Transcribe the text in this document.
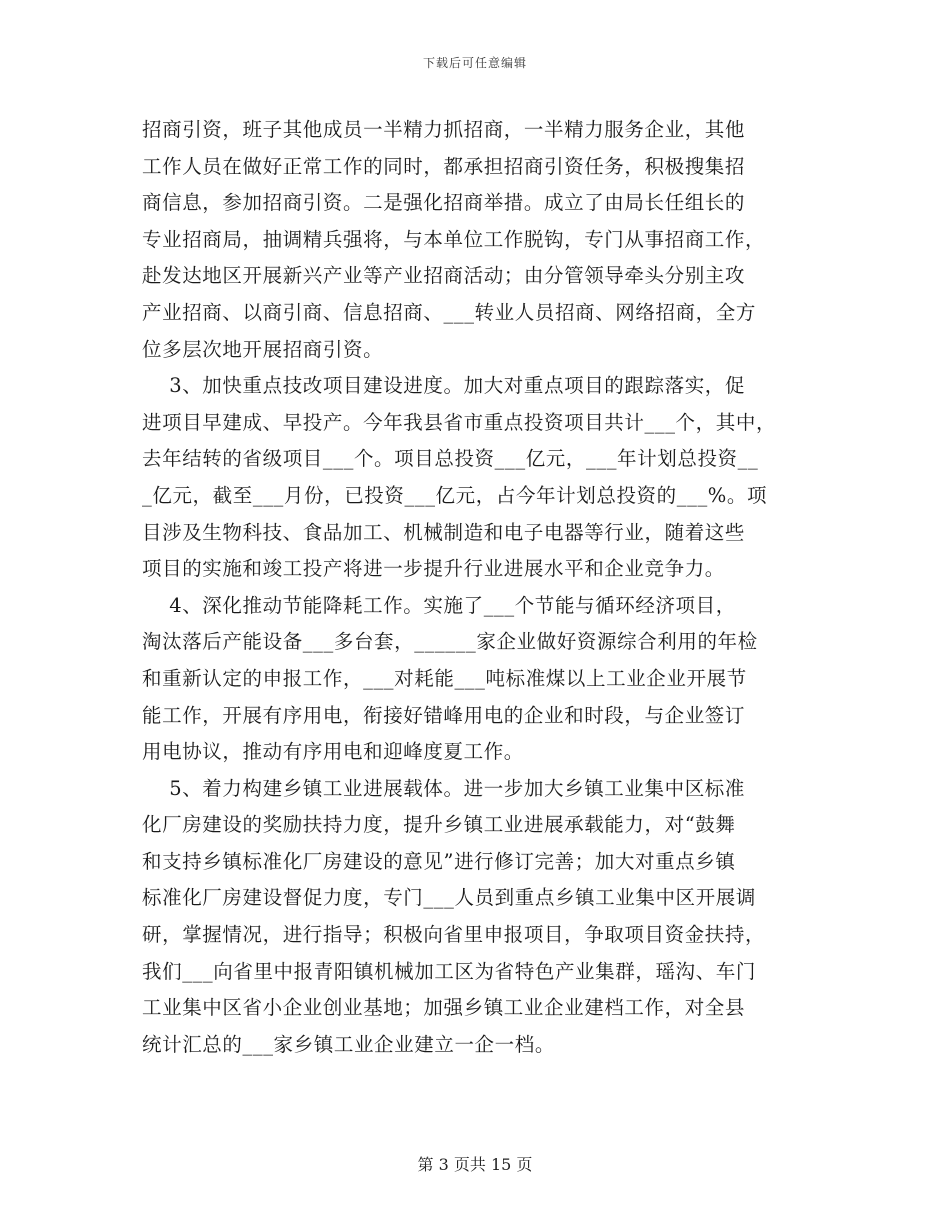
下载后可任意编辑
招商引资，班子其他成员一半精力抓招商，一半精力服务企业，其他
工作人员在做好正常工作的同时，都承担招商引资任务，积极搜集招
商信息，参加招商引资。二是强化招商举措。成立了由局长任组长的
专业招商局，抽调精兵强将，与本单位工作脱钩，专门从事招商工作，
赴发达地区开展新兴产业等产业招商活动；由分管领导牵头分别主攻
产业招商、以商引商、信息招商、___转业人员招商、网络招商，全方
位多层次地开展招商引资。
3、加快重点技改项目建设进度。加大对重点项目的跟踪落实，促
进项目早建成、早投产。今年我县省市重点投资项目共计___个，其中，
去年结转的省级项目___个。项目总投资___亿元，___年计划总投资__
_亿元，截至___月份，已投资___亿元，占今年计划总投资的___%。项
目涉及生物科技、食品加工、机械制造和电子电器等行业，随着这些
项目的实施和竣工投产将进一步提升行业进展水平和企业竞争力。
4、深化推动节能降耗工作。实施了___个节能与循环经济项目，
淘汰落后产能设备___多台套，______家企业做好资源综合利用的年检
和重新认定的申报工作，___对耗能___吨标准煤以上工业企业开展节
能工作，开展有序用电，衔接好错峰用电的企业和时段，与企业签订
用电协议，推动有序用电和迎峰度夏工作。
5、着力构建乡镇工业进展载体。进一步加大乡镇工业集中区标准
化厂房建设的奖励扶持力度，提升乡镇工业进展承载能力，对“鼓舞
和支持乡镇标准化厂房建设的意见”进行修订完善；加大对重点乡镇
标准化厂房建设督促力度，专门___人员到重点乡镇工业集中区开展调
研，掌握情况，进行指导；积极向省里申报项目，争取项目资金扶持，
我们___向省里中报青阳镇机械加工区为省特色产业集群，瑶沟、车门
工业集中区省小企业创业基地；加强乡镇工业企业建档工作，对全县
统计汇总的___家乡镇工业企业建立一企一档。
第 3 页共 15 页
